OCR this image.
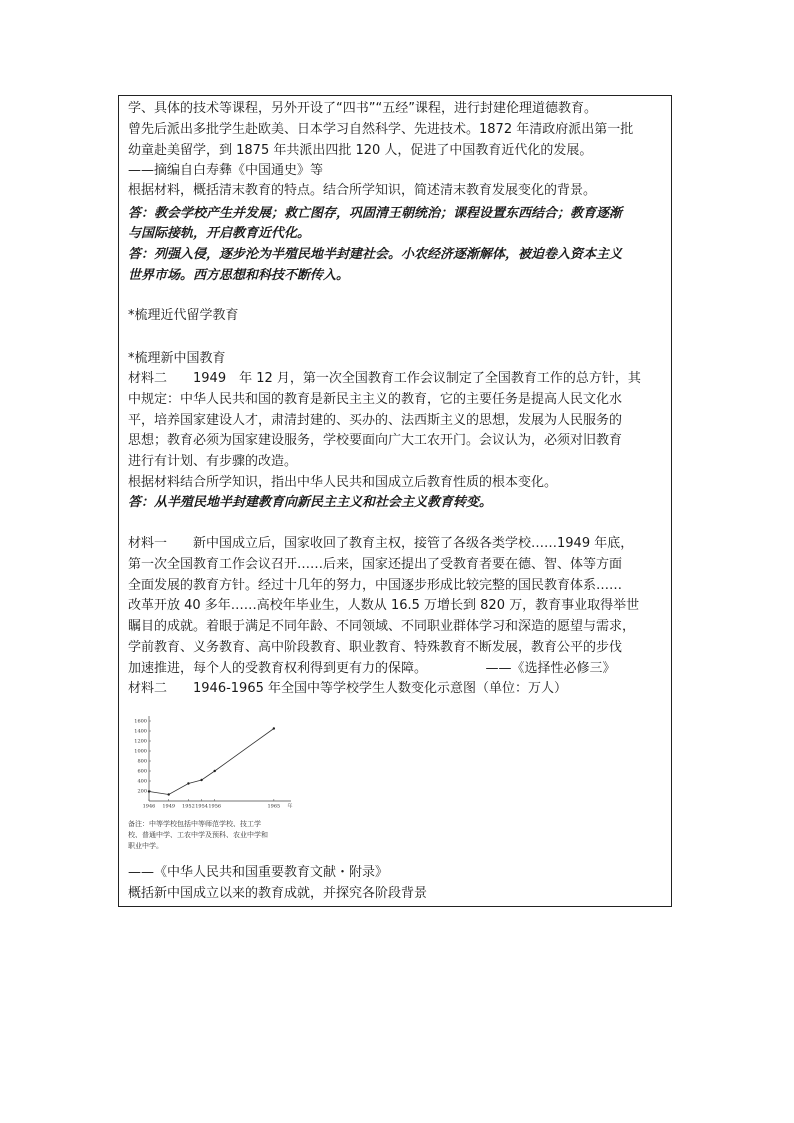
学、具体的技术等课程，另外开设了“四书”“五经”课程，进行封建伦理道德教育。
曾先后派出多批学生赴欧美、日本学习自然科学、先进技术。1872 年清政府派出第一批
幼童赴美留学，到 1875 年共派出四批 120 人，促进了中国教育近代化的发展。
——摘编自白寿彝《中国通史》等
根据材料，概括清末教育的特点。结合所学知识，简述清末教育发展变化的背景。
答：教会学校产生并发展；救亡图存，巩固清王朝统治；课程设置东西结合；教育逐渐
与国际接轨，开启教育近代化。
答：列强入侵，逐步沦为半殖民地半封建社会。小农经济逐渐解体，被迫卷入资本主义
世界市场。西方思想和科技不断传入。
*梳理近代留学教育
*梳理新中国教育
材料二　　1949　年 12 月，第一次全国教育工作会议制定了全国教育工作的总方针，其
中规定：中华人民共和国的教育是新民主主义的教育，它的主要任务是提高人民文化水
平，培养国家建设人才，肃清封建的、买办的、法西斯主义的思想，发展为人民服务的
思想；教育必须为国家建设服务，学校要面向广大工农开门。会议认为，必须对旧教育
进行有计划、有步骤的改造。
根据材料结合所学知识，指出中华人民共和国成立后教育性质的根本变化。
答：从半殖民地半封建教育向新民主主义和社会主义教育转变。
材料一　　新中国成立后，国家收回了教育主权，接管了各级各类学校……1949 年底，
第一次全国教育工作会议召开……后来，国家还提出了受教育者要在德、智、体等方面
全面发展的教育方针。经过十几年的努力，中国逐步形成比较完整的国民教育体系……
改革开放 40 多年……高校年毕业生，人数从 16.5 万增长到 820 万，教育事业取得举世
瞩目的成就。着眼于满足不同年龄、不同领域、不同职业群体学习和深造的愿望与需求，
学前教育、义务教育、高中阶段教育、职业教育、特殊教育不断发展，教育公平的步伐
加速推进，每个人的受教育权利得到更有力的保障。　　　　　——《选择性必修三》
材料二　　1946-1965 年全国中等学校学生人数变化示意图（单位：万人）
200
400
600
800
1000
1200
1400
1600
1946 1949 1952 1954 1956	1965 年
备注：中等学校包括中等师范学校、技工学
校、普通中学、工农中学及预科、农业中学和
职业中学。
——《中华人民共和国重要教育文献・附录》
概括新中国成立以来的教育成就，并探究各阶段背景
